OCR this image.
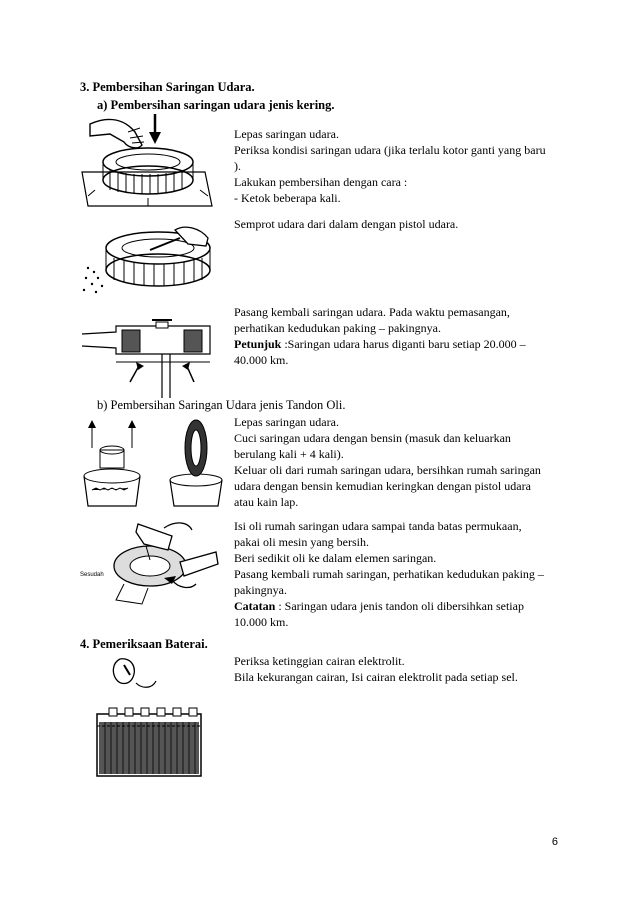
3. Pembersihan Saringan Udara.
a) Pembersihan saringan udara jenis kering.

Lepas saringan udara.

Periksa kondisi saringan udara (jika terlalu kotor ganti yang baru

).

Lakukan pembersihan dengan cara :

- Ketok beberapa kali.

Semprot udara dari dalam dengan pistol udara.

Pasang kembali saringan udara. Pada waktu pemasangan,

perhatikan kedudukan paking – pakingnya.

Petunjuk :Saringan udara harus diganti baru setiap 20.000 –

40.000 km.

b) Pembersihan Saringan Udara jenis Tandon Oli.

Lepas saringan udara.

Cuci saringan udara dengan bensin (masuk dan keluarkan

berulang kali + 4 kali).

Keluar oli dari rumah saringan udara, bersihkan rumah saringan

udara dengan bensin kemudian keringkan dengan pistol udara

atau kain lap.

Isi oli rumah saringan udara sampai tanda batas permukaan,

pakai oli mesin yang bersih.

Beri sedikit oli ke dalam elemen saringan.

Pasang kembali rumah saringan, perhatikan kedudukan paking –

pakingnya.

Catatan : Saringan udara jenis tandon oli dibersihkan setiap

10.000 km.

4. Pemeriksaan Baterai.

Periksa ketinggian cairan elektrolit.

Bila kekurangan cairan, Isi cairan elektrolit pada setiap sel.

6
Sesudah
